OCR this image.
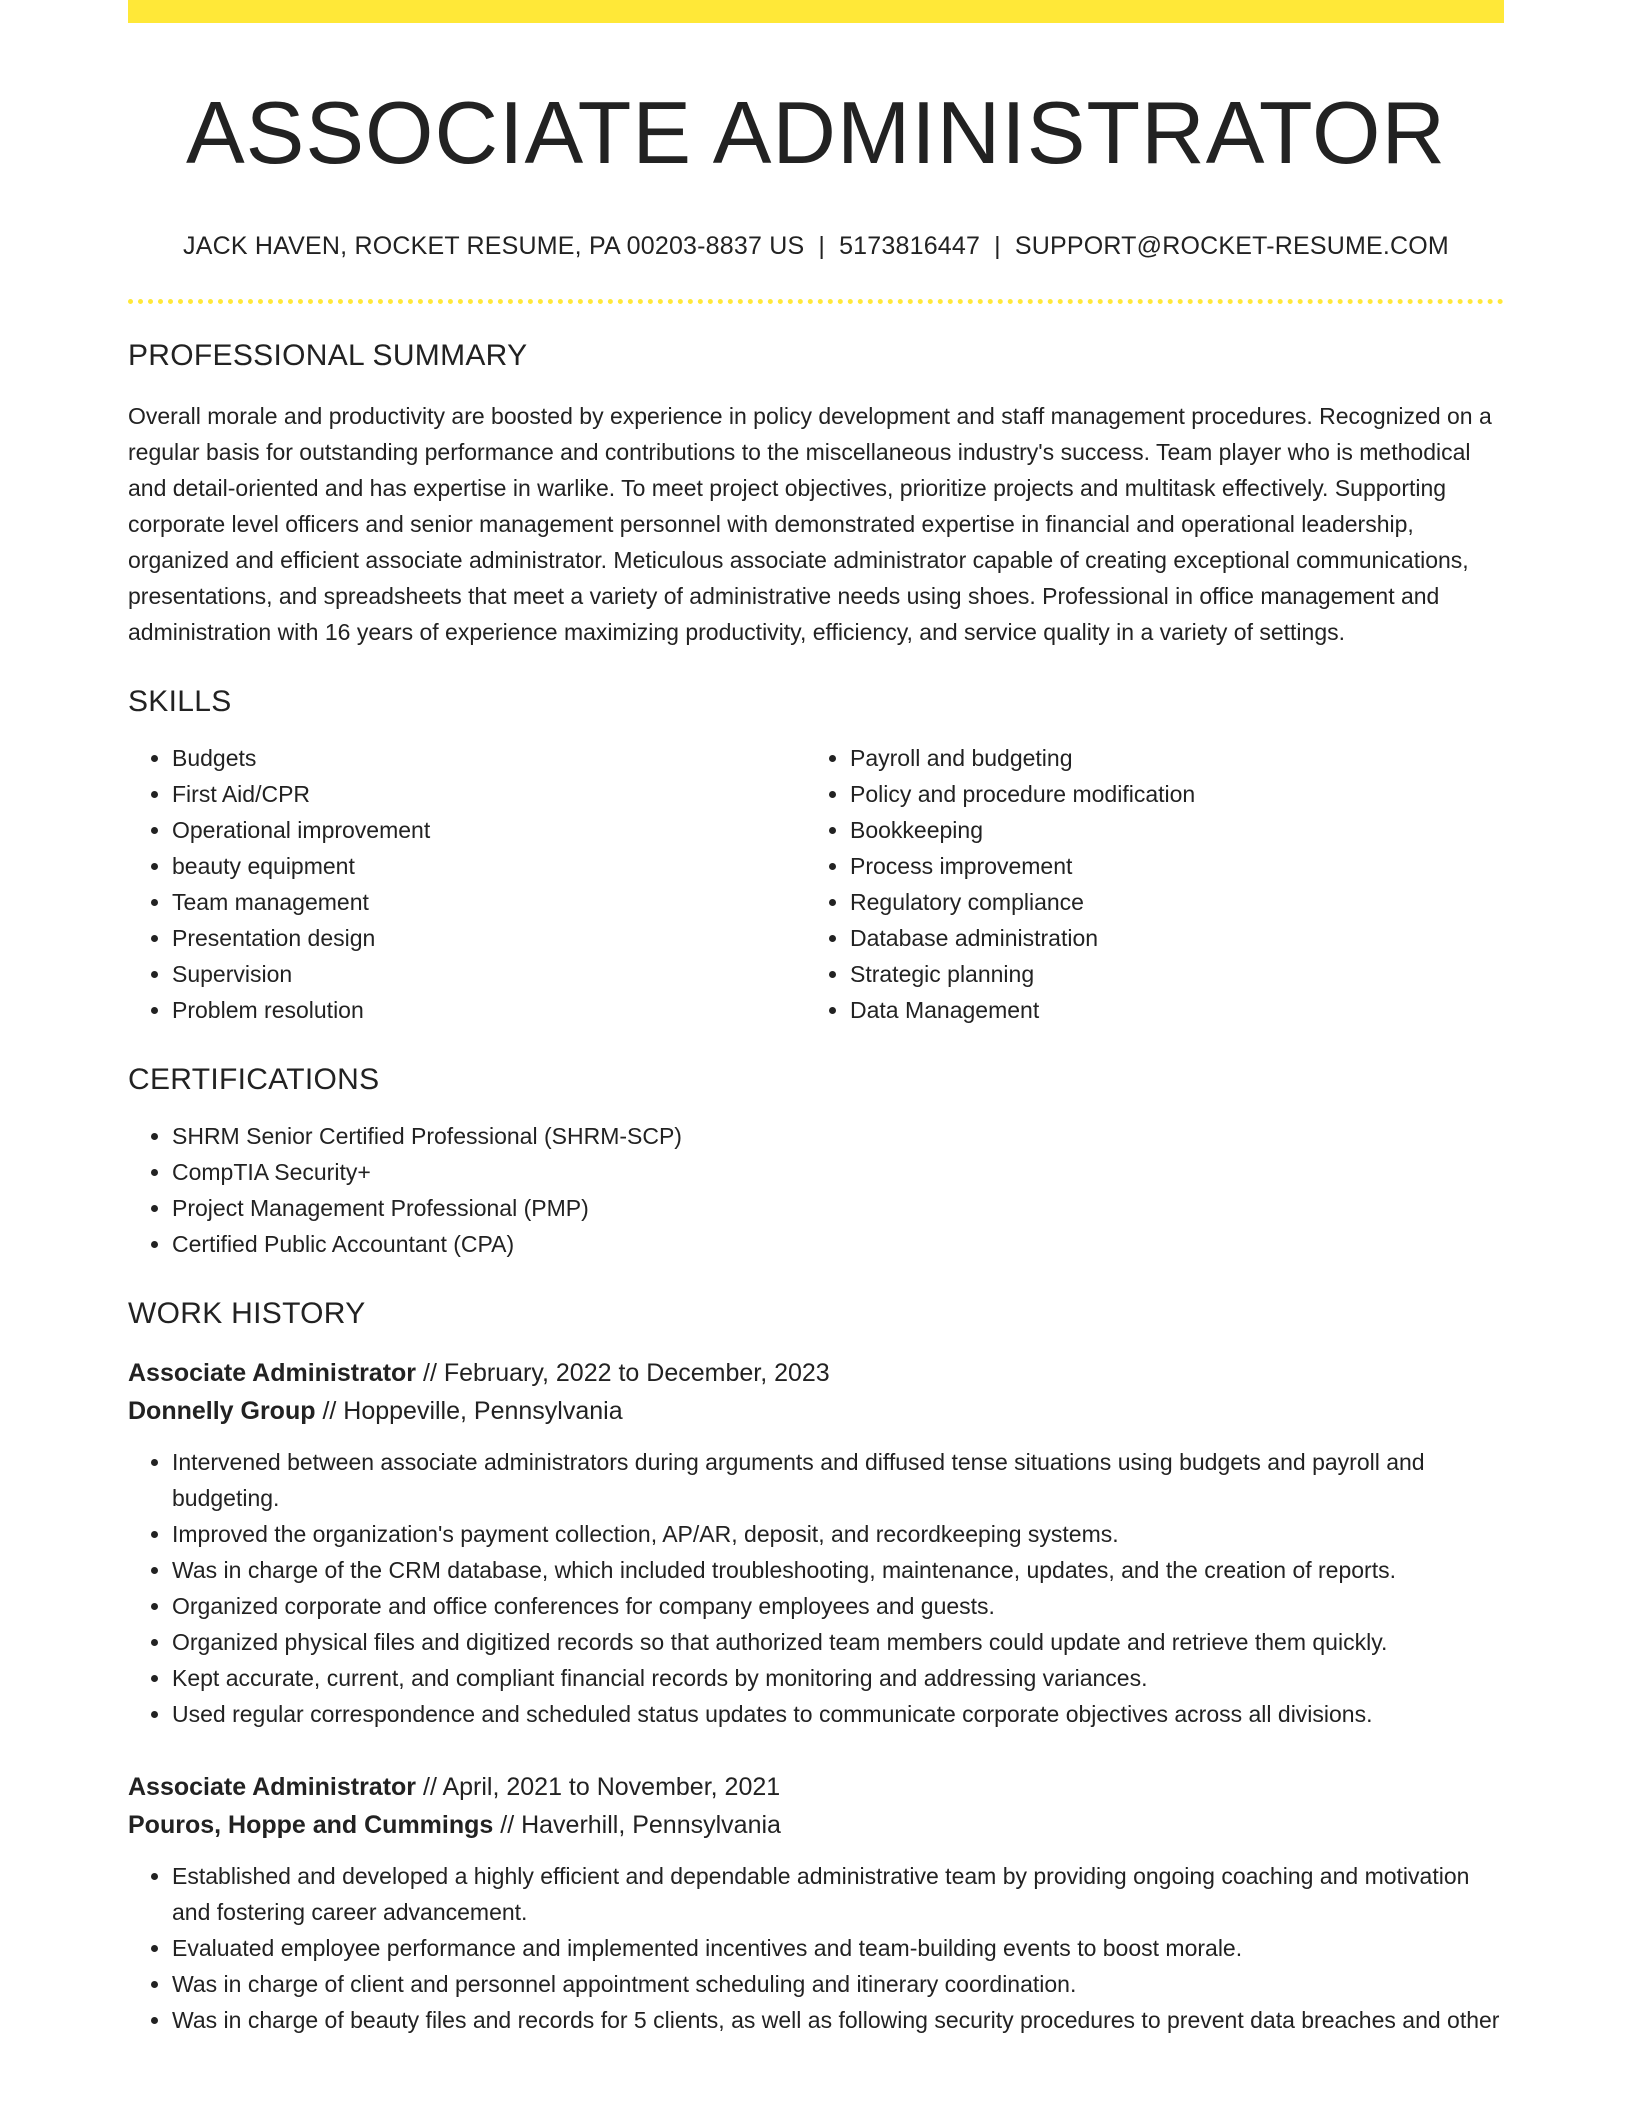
ASSOCIATE ADMINISTRATOR
JACK HAVEN, ROCKET RESUME, PA 00203-8837 US | 5173816447 | SUPPORT@ROCKET-RESUME.COM
PROFESSIONAL SUMMARY

Overall morale and productivity are boosted by experience in policy development and staff management procedures. Recognized on a regular basis for outstanding performance and contributions to the miscellaneous industry's success. Team player who is methodical and detail-oriented and has expertise in warlike. To meet project objectives, prioritize projects and multitask effectively. Supporting corporate level officers and senior management personnel with demonstrated expertise in financial and operational leadership, organized and efficient associate administrator. Meticulous associate administrator capable of creating exceptional communications, presentations, and spreadsheets that meet a variety of administrative needs using shoes. Professional in office management and administration with 16 years of experience maximizing productivity, efficiency, and service quality in a variety of settings.

SKILLS
• Budgets
• First Aid/CPR
• Operational improvement
• beauty equipment
• Team management
• Presentation design
• Supervision
• Problem resolution
• Payroll and budgeting
• Policy and procedure modification
• Bookkeeping
• Process improvement
• Regulatory compliance
• Database administration
• Strategic planning
• Data Management
CERTIFICATIONS
• SHRM Senior Certified Professional (SHRM-SCP)
• CompTIA Security+
• Project Management Professional (PMP)
• Certified Public Accountant (CPA)
WORK HISTORY
Associate Administrator // February, 2022 to December, 2023
Donnelly Group // Hoppeville, Pennsylvania
• Intervened between associate administrators during arguments and diffused tense situations using budgets and payroll and budgeting.
• Improved the organization's payment collection, AP/AR, deposit, and recordkeeping systems.
• Was in charge of the CRM database, which included troubleshooting, maintenance, updates, and the creation of reports.
• Organized corporate and office conferences for company employees and guests.
• Organized physical files and digitized records so that authorized team members could update and retrieve them quickly.
• Kept accurate, current, and compliant financial records by monitoring and addressing variances.
• Used regular correspondence and scheduled status updates to communicate corporate objectives across all divisions.
Associate Administrator // April, 2021 to November, 2021
Pouros, Hoppe and Cummings // Haverhill, Pennsylvania
• Established and developed a highly efficient and dependable administrative team by providing ongoing coaching and motivation and fostering career advancement.
• Evaluated employee performance and implemented incentives and team-building events to boost morale.
• Was in charge of client and personnel appointment scheduling and itinerary coordination.
• Was in charge of beauty files and records for 5 clients, as well as following security procedures to prevent data breaches and other
